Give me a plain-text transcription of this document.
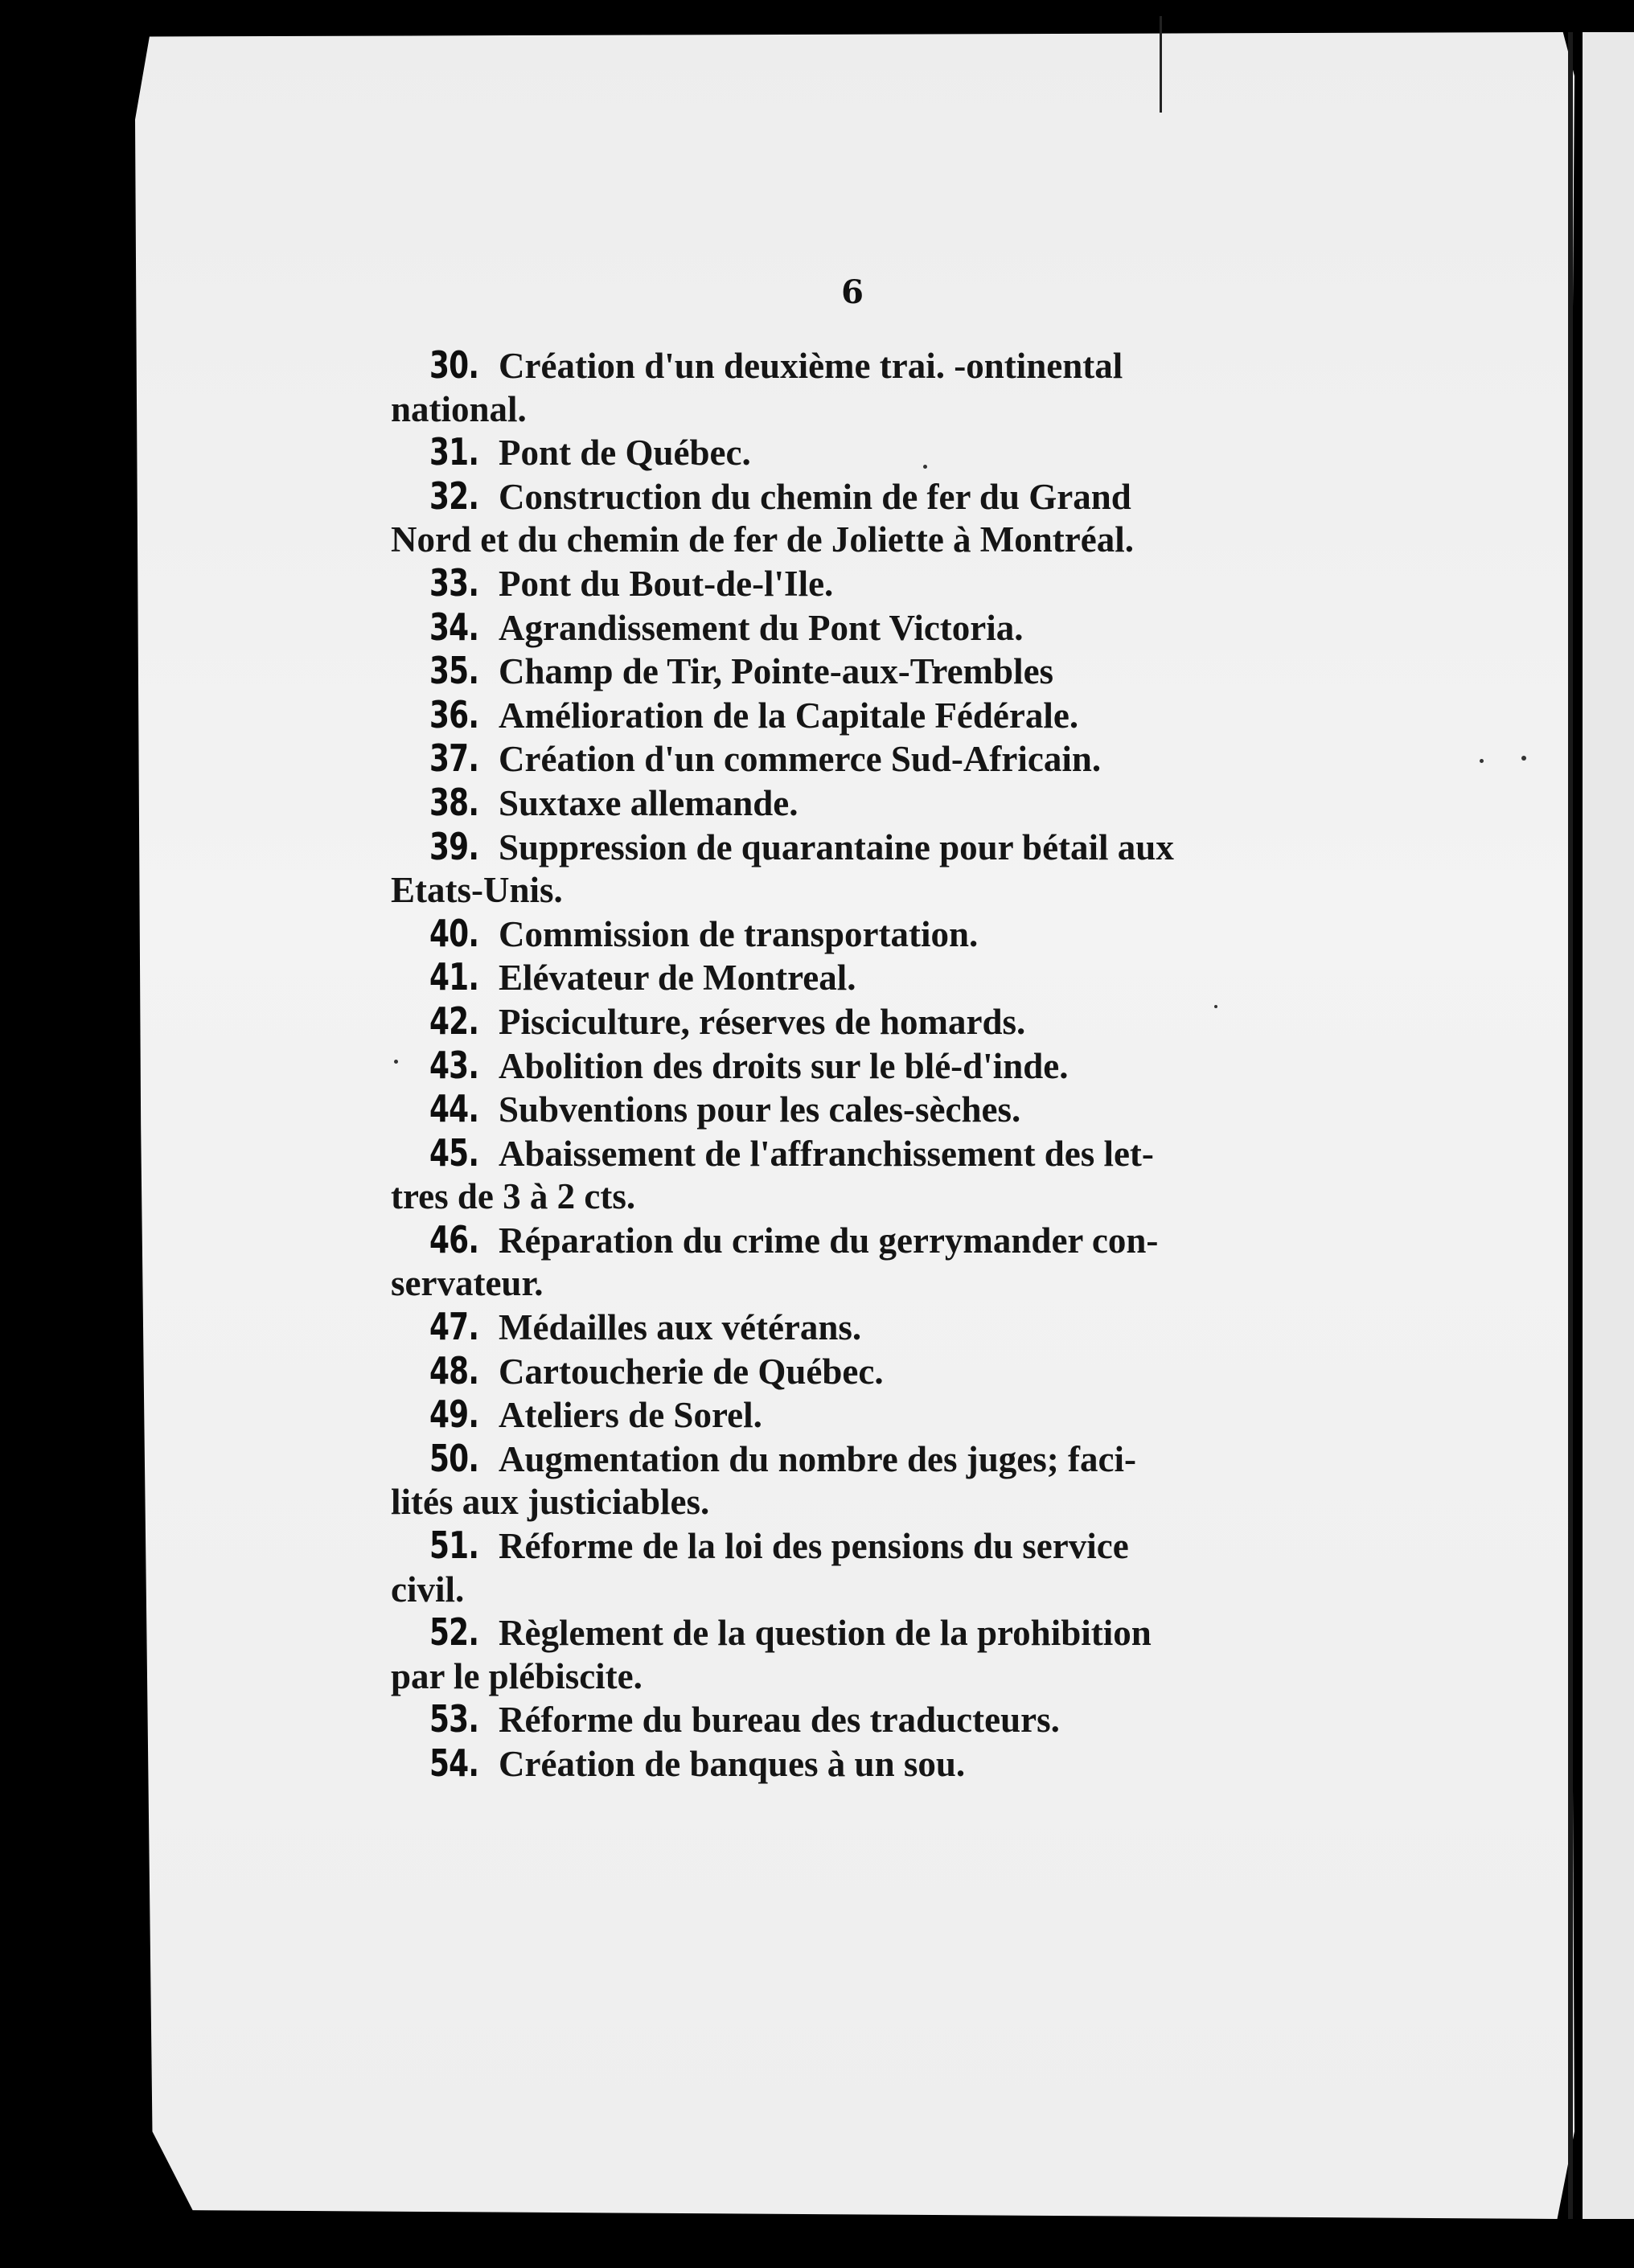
6
30. Création d'un deuxième trai. -ontinental
national.
31. Pont de Québec.
32. Construction du chemin de fer du Grand
Nord et du chemin de fer de Joliette à Montréal.
33. Pont du Bout-de-l'Ile.
34. Agrandissement du Pont Victoria.
35. Champ de Tir, Pointe-aux-Trembles
36. Amélioration de la Capitale Fédérale.
37. Création d'un commerce Sud-Africain.
38. Suxtaxe allemande.
39. Suppression de quarantaine pour bétail aux
Etats-Unis.
40. Commission de transportation.
41. Elévateur de Montreal.
42. Pisciculture, réserves de homards.
43. Abolition des droits sur le blé-d'inde.
44. Subventions pour les cales-sèches.
45. Abaissement de l'affranchissement des let-
tres de 3 à 2 cts.
46. Réparation du crime du gerrymander con-
servateur.
47. Médailles aux vétérans.
48. Cartoucherie de Québec.
49. Ateliers de Sorel.
50. Augmentation du nombre des juges; faci-
lités aux justiciables.
51. Réforme de la loi des pensions du service
civil.
52. Règlement de la question de la prohibition
par le plébiscite.
53. Réforme du bureau des traducteurs.
54. Création de banques à un sou.
